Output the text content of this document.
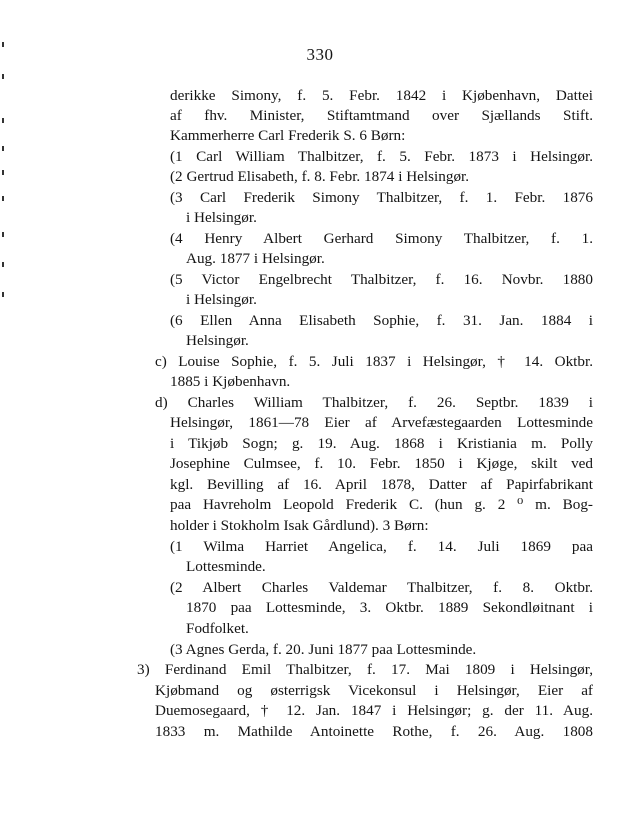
330
derikke Simony, f. 5. Febr. 1842 i Kjøbenhavn, Dattei
af fhv. Minister, Stiftamtmand over Sjællands Stift.
Kammerherre Carl Frederik S. 6 Børn:
(1 Carl William Thalbitzer, f. 5. Febr. 1873 i Helsingør.
(2 Gertrud Elisabeth, f. 8. Febr. 1874 i Helsingør.
(3 Carl Frederik Simony Thalbitzer, f. 1. Febr. 1876
i Helsingør.
(4 Henry Albert Gerhard Simony Thalbitzer, f. 1.
Aug. 1877 i Helsingør.
(5 Victor Engelbrecht Thalbitzer, f. 16. Novbr. 1880
i Helsingør.
(6 Ellen Anna Elisabeth Sophie, f. 31. Jan. 1884 i
Helsingør.
c) Louise Sophie, f. 5. Juli 1837 i Helsingør, † 14. Oktbr.
1885 i Kjøbenhavn.
d) Charles William Thalbitzer, f. 26. Septbr. 1839 i
Helsingør, 1861—78 Eier af Arvefæstegaarden Lottesminde
i Tikjøb Sogn; g. 19. Aug. 1868 i Kristiania m. Polly
Josephine Culmsee, f. 10. Febr. 1850 i Kjøge, skilt ved
kgl. Bevilling af 16. April 1878, Datter af Papirfabrikant
paa Havreholm Leopold Frederik C. (hun g. 2 ⁰ m. Bog-
holder i Stokholm Isak Gårdlund). 3 Børn:
(1 Wilma Harriet Angelica, f. 14. Juli 1869 paa
Lottesminde.
(2 Albert Charles Valdemar Thalbitzer, f. 8. Oktbr.
1870 paa Lottesminde, 3. Oktbr. 1889 Sekondløitnant i
Fodfolket.
(3 Agnes Gerda, f. 20. Juni 1877 paa Lottesminde.
3) Ferdinand Emil Thalbitzer, f. 17. Mai 1809 i Helsingør,
Kjøbmand og østerrigsk Vicekonsul i Helsingør, Eier af
Duemosegaard, † 12. Jan. 1847 i Helsingør; g. der 11. Aug.
1833 m. Mathilde Antoinette Rothe, f. 26. Aug. 1808
